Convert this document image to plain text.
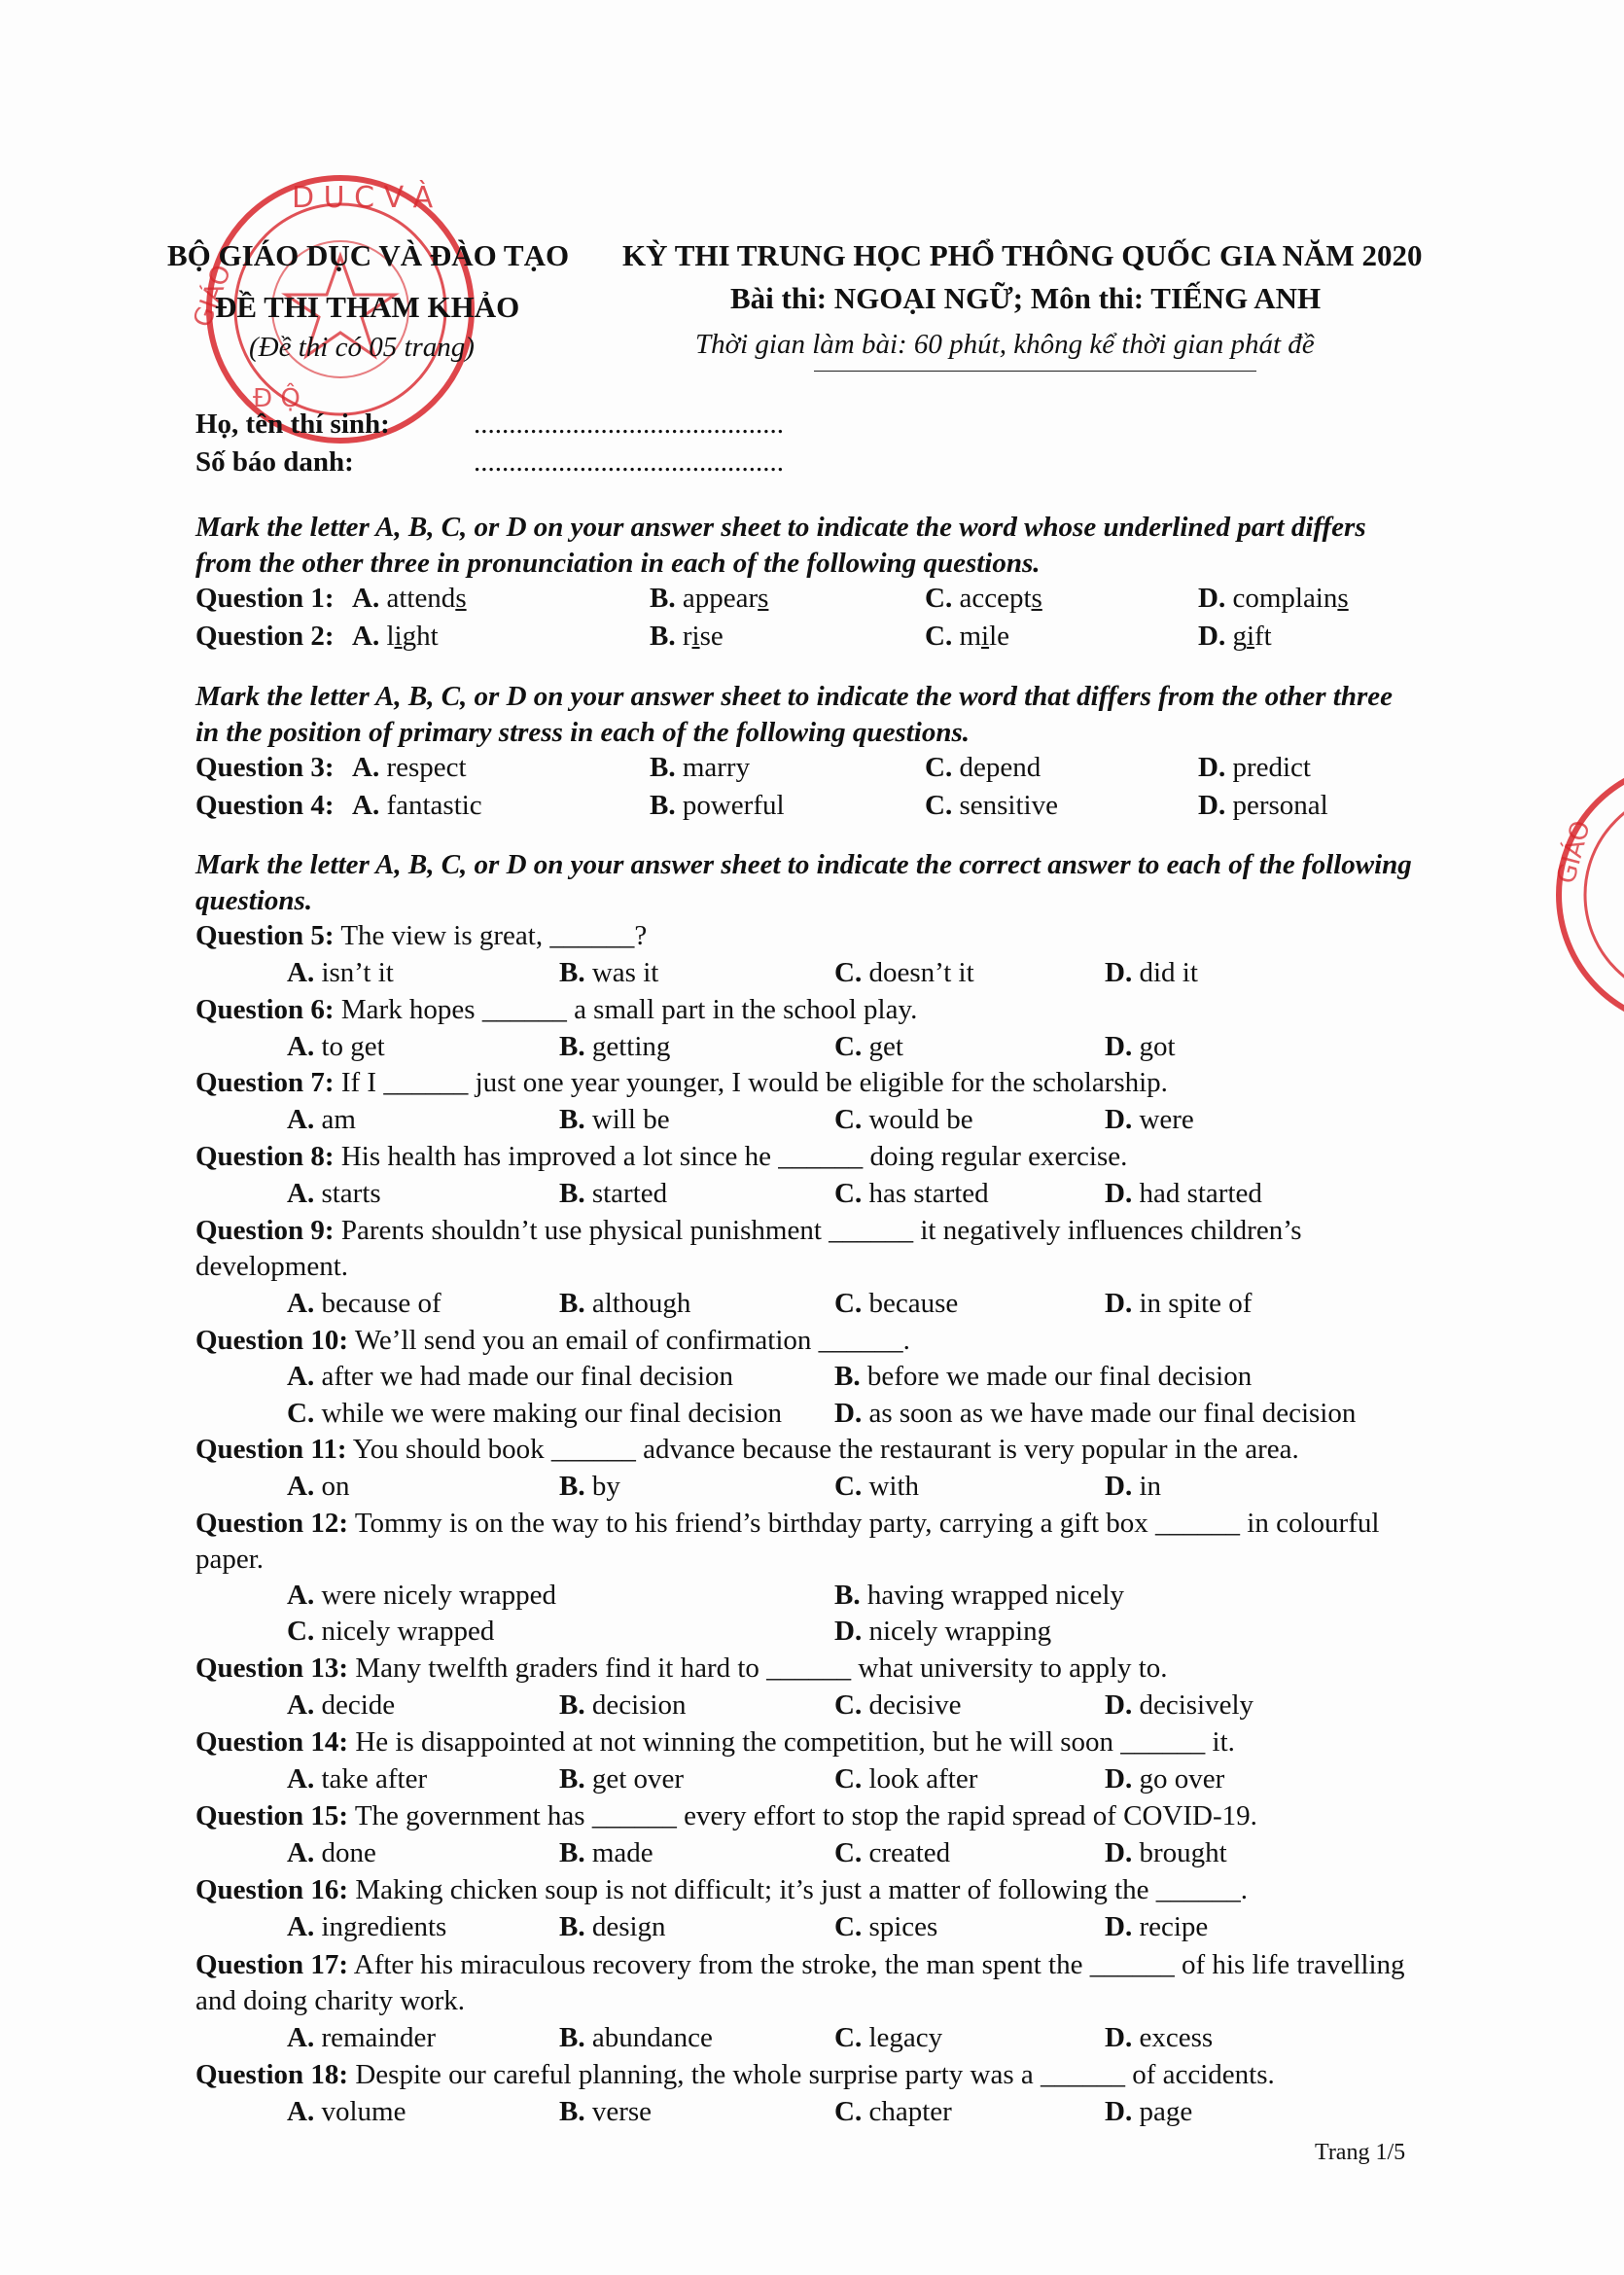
D U C V À
GIÁO
Đ Ộ
GIÁO
BỘ GIÁO DỤC VÀ ĐÀO TẠO
ĐỀ THI THAM KHẢO
(Đề thi có 05 trang)
KỲ THI TRUNG HỌC PHỔ THÔNG QUỐC GIA NĂM 2020
Bài thi: NGOẠI NGỮ; Môn thi: TIẾNG ANH
Thời gian làm bài: 60 phút, không kể thời gian phát đề
Họ, tên thí sinh:	............................................
Số báo danh:	............................................
Mark the letter A, B, C, or D on your answer sheet to indicate the word whose underlined part differs from the other three in pronunciation in each of the following questions.
Question 1: A. attends	B. appears	C. accepts	D. complains
Question 2: A. light	B. rise	C. mile	D. gift
Mark the letter A, B, C, or D on your answer sheet to indicate the word that differs from the other three in the position of primary stress in each of the following questions.
Question 3: A. respect	B. marry	C. depend	D. predict
Question 4: A. fantastic	B. powerful	C. sensitive	D. personal
Mark the letter A, B, C, or D on your answer sheet to indicate the correct answer to each of the following questions.
Question 5: The view is great, ______?
A. isn’t it	B. was it	C. doesn’t it	D. did it
Question 6: Mark hopes ______ a small part in the school play.
A. to get	B. getting	C. get	D. got
Question 7: If I ______ just one year younger, I would be eligible for the scholarship.
A. am	B. will be	C. would be	D. were
Question 8: His health has improved a lot since he ______ doing regular exercise.
A. starts	B. started	C. has started	D. had started
Question 9: Parents shouldn’t use physical punishment ______ it negatively influences children’s development.
A. because of	B. although	C. because	D. in spite of
Question 10: We’ll send you an email of confirmation ______.
A. after we had made our final decision	B. before we made our final decision
C. while we were making our final decision D. as soon as we have made our final decision
Question 11: You should book ______ advance because the restaurant is very popular in the area.
A. on	B. by	C. with	D. in
Question 12: Tommy is on the way to his friend’s birthday party, carrying a gift box ______ in colourful paper.
A. were nicely wrapped	B. having wrapped nicely
C. nicely wrapped	D. nicely wrapping
Question 13: Many twelfth graders find it hard to ______ what university to apply to.
A. decide	B. decision	C. decisive	D. decisively
Question 14: He is disappointed at not winning the competition, but he will soon ______ it.
A. take after	B. get over	C. look after	D. go over
Question 15: The government has ______ every effort to stop the rapid spread of COVID-19.
A. done	B. made	C. created	D. brought
Question 16: Making chicken soup is not difficult; it’s just a matter of following the ______.
A. ingredients	B. design	C. spices	D. recipe
Question 17: After his miraculous recovery from the stroke, the man spent the ______ of his life travelling and doing charity work.
A. remainder	B. abundance	C. legacy	D. excess
Question 18: Despite our careful planning, the whole surprise party was a ______ of accidents.
A. volume	B. verse	C. chapter	D. page
Trang 1/5
